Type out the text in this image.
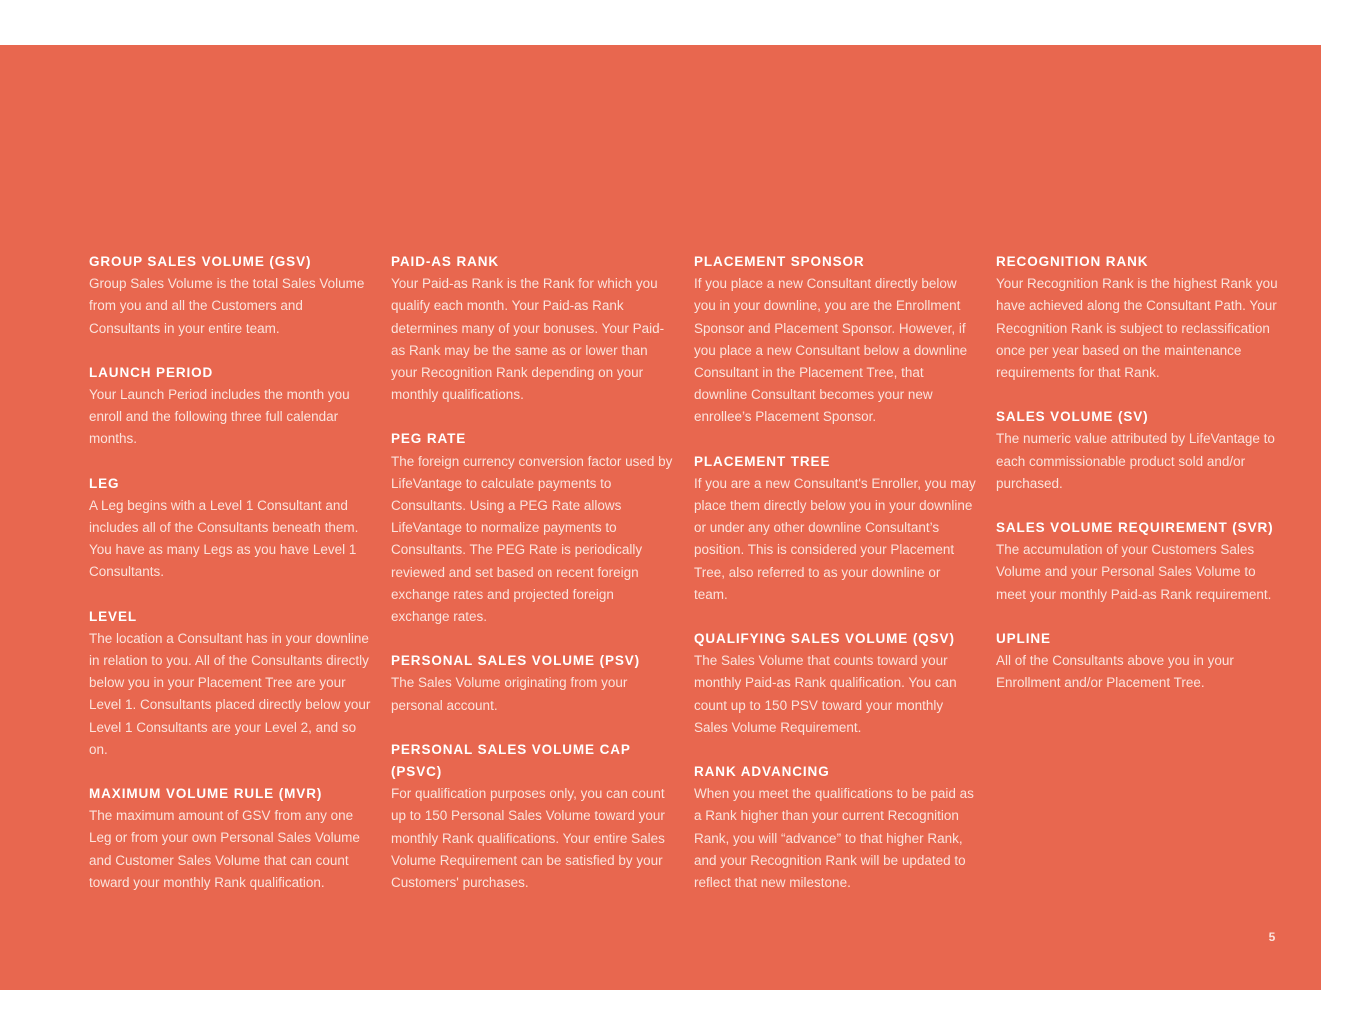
GROUP SALES VOLUME (GSV)

Group Sales Volume is the total Sales Volume from you and all the Customers and Consultants in your entire team.

LAUNCH PERIOD

Your Launch Period includes the month you enroll and the following three full calendar months.

LEG

A Leg begins with a Level 1 Consultant and includes all of the Consultants beneath them. You have as many Legs as you have Level 1 Consultants.

LEVEL

The location a Consultant has in your downline in relation to you. All of the Consultants directly below you in your Placement Tree are your Level 1. Consultants placed directly below your Level 1 Consultants are your Level 2, and so on.

MAXIMUM VOLUME RULE (MVR)

The maximum amount of GSV from any one Leg or from your own Personal Sales Volume and Customer Sales Volume that can count toward your monthly Rank qualification.

PAID-AS RANK

Your Paid-as Rank is the Rank for which you qualify each month. Your Paid-as Rank determines many of your bonuses. Your Paid-as Rank may be the same as or lower than your Recognition Rank depending on your monthly qualifications.

PEG RATE

The foreign currency conversion factor used by LifeVantage to calculate payments to Consultants. Using a PEG Rate allows LifeVantage to normalize payments to Consultants. The PEG Rate is periodically reviewed and set based on recent foreign exchange rates and projected foreign exchange rates.

PERSONAL SALES VOLUME (PSV)

The Sales Volume originating from your personal account.

PERSONAL SALES VOLUME CAP (PSVC)

For qualification purposes only, you can count up to 150 Personal Sales Volume toward your monthly Rank qualifications. Your entire Sales Volume Requirement can be satisfied by your Customers' purchases.

PLACEMENT SPONSOR

If you place a new Consultant directly below you in your downline, you are the Enrollment Sponsor and Placement Sponsor. However, if you place a new Consultant below a downline Consultant in the Placement Tree, that downline Consultant becomes your new enrollee’s Placement Sponsor.

PLACEMENT TREE

If you are a new Consultant's Enroller, you may place them directly below you in your downline or under any other downline Consultant’s position. This is considered your Placement Tree, also referred to as your downline or team.

QUALIFYING SALES VOLUME (QSV)

The Sales Volume that counts toward your monthly Paid-as Rank qualification. You can count up to 150 PSV toward your monthly Sales Volume Requirement.

RANK ADVANCING

When you meet the qualifications to be paid as a Rank higher than your current Recognition Rank, you will “advance” to that higher Rank, and your Recognition Rank will be updated to reflect that new milestone.

RECOGNITION RANK

Your Recognition Rank is the highest Rank you have achieved along the Consultant Path. Your Recognition Rank is subject to reclassification once per year based on the maintenance requirements for that Rank.

SALES VOLUME (SV)

The numeric value attributed by LifeVantage to each commissionable product sold and/or purchased.

SALES VOLUME REQUIREMENT (SVR)

The accumulation of your Customers Sales Volume and your Personal Sales Volume to meet your monthly Paid-as Rank requirement.

UPLINE

All of the Consultants above you in your Enrollment and/or Placement Tree.

5
